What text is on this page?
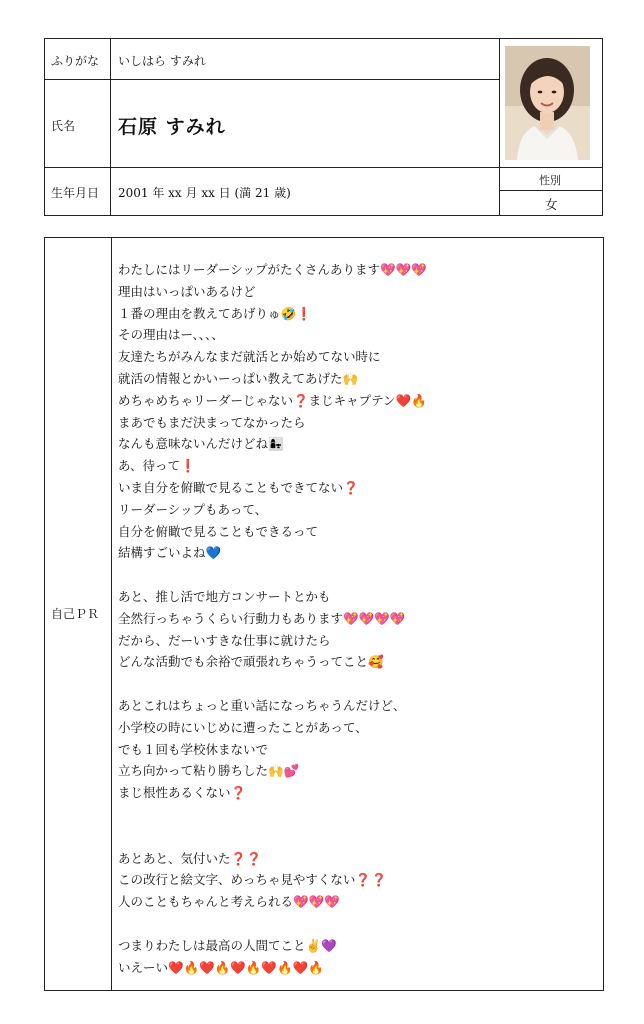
ふりがな いしはら すみれ
氏名 石原 すみれ
生年月日 2001 年 xx 月 xx 日 (満 21 歳)
性別
女
自己ＰＲ
わたしにはリーダーシップがたくさんあります💖💖💖
理由はいっぱいあるけど
１番の理由を教えてあげりゅ🤣❗️
その理由はー、、、、
友達たちがみんなまだ就活とか始めてない時に
就活の情報とかいーっぱい教えてあげた🙌
めちゃめちゃリーダーじゃない❓まじキャプテン❤️🔥
まあでもまだ決まってなかったら
なんも意味ないんだけどね👩‍👧
あ、待って❗️
いま自分を俯瞰で見ることもできてない❓
リーダーシップもあって、
自分を俯瞰で見ることもできるって
結構すごいよね💙
あと、推し活で地方コンサートとかも
全然行っちゃうくらい行動力もあります💖💖💖💖
だから、だーいすきな仕事に就けたら
どんな活動でも余裕で頑張れちゃうってこと🥰
あとこれはちょっと重い話になっちゃうんだけど、
小学校の時にいじめに遭ったことがあって、
でも１回も学校休まないで
立ち向かって粘り勝ちした🙌💕
まじ根性あるくない❓
あとあと、気付いた❓❓
この改行と絵文字、めっちゃ見やすくない❓❓
人のこともちゃんと考えられる💖💖💖
つまりわたしは最高の人間てこと✌️💜
いえーい❤️🔥❤️🔥❤️🔥❤️🔥❤️🔥
